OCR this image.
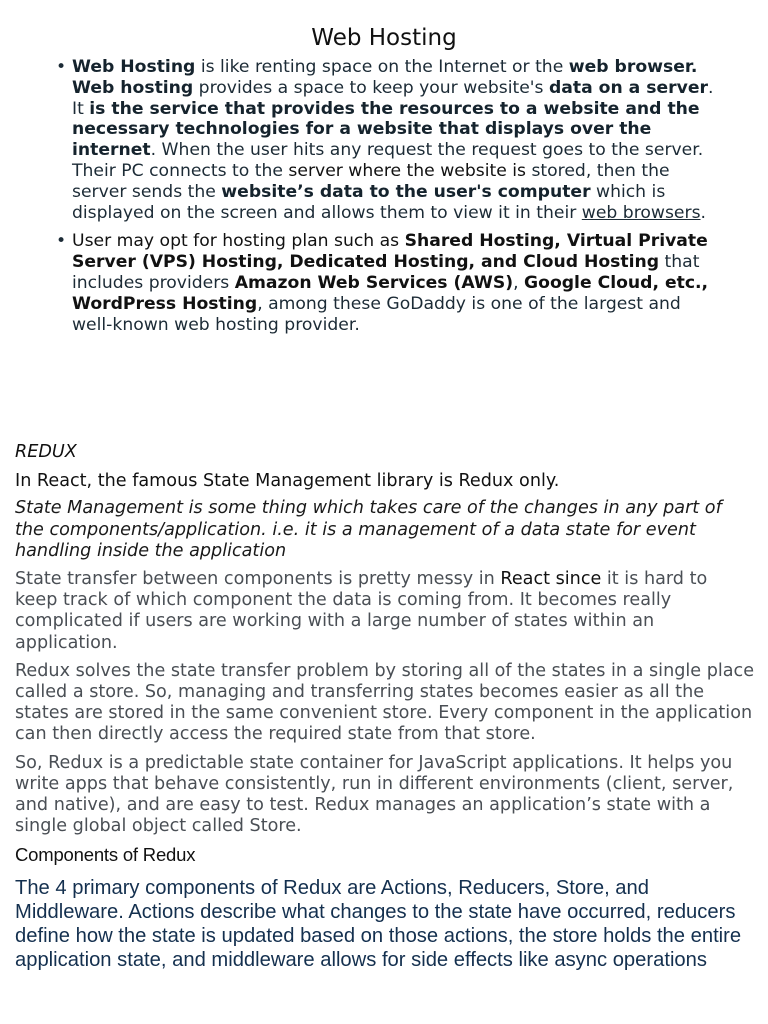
Web Hosting
• Web Hosting is like renting space on the Internet or the web browser. Web hosting provides a space to keep your website's data on a server. It is the service that provides the resources to a website and the necessary technologies for a website that displays over the internet. When the user hits any request the request goes to the server. Their PC connects to the server where the website is stored, then the server sends the website’s data to the user's computer which is displayed on the screen and allows them to view it in their web browsers.
• User may opt for hosting plan such as Shared Hosting, Virtual Private Server (VPS) Hosting, Dedicated Hosting, and Cloud Hosting that includes providers Amazon Web Services (AWS), Google Cloud, etc., WordPress Hosting, among these GoDaddy is one of the largest and well-known web hosting provider.

REDUX

In React, the famous State Management library is Redux only.

State Management is some thing which takes care of the changes in any part of the components/application. i.e. it is a management of a data state for event handling inside the application

State transfer between components is pretty messy in React since it is hard to keep track of which component the data is coming from. It becomes really complicated if users are working with a large number of states within an application.

Redux solves the state transfer problem by storing all of the states in a single place called a store. So, managing and transferring states becomes easier as all the states are stored in the same convenient store. Every component in the application can then directly access the required state from that store.

So, Redux is a predictable state container for JavaScript applications. It helps you write apps that behave consistently, run in different environments (client, server, and native), and are easy to test. Redux manages an application’s state with a single global object called Store.

Components of Redux

The 4 primary components of Redux are Actions, Reducers, Store, and Middleware. Actions describe what changes to the state have occurred, reducers define how the state is updated based on those actions, the store holds the entire application state, and middleware allows for side effects like async operations
